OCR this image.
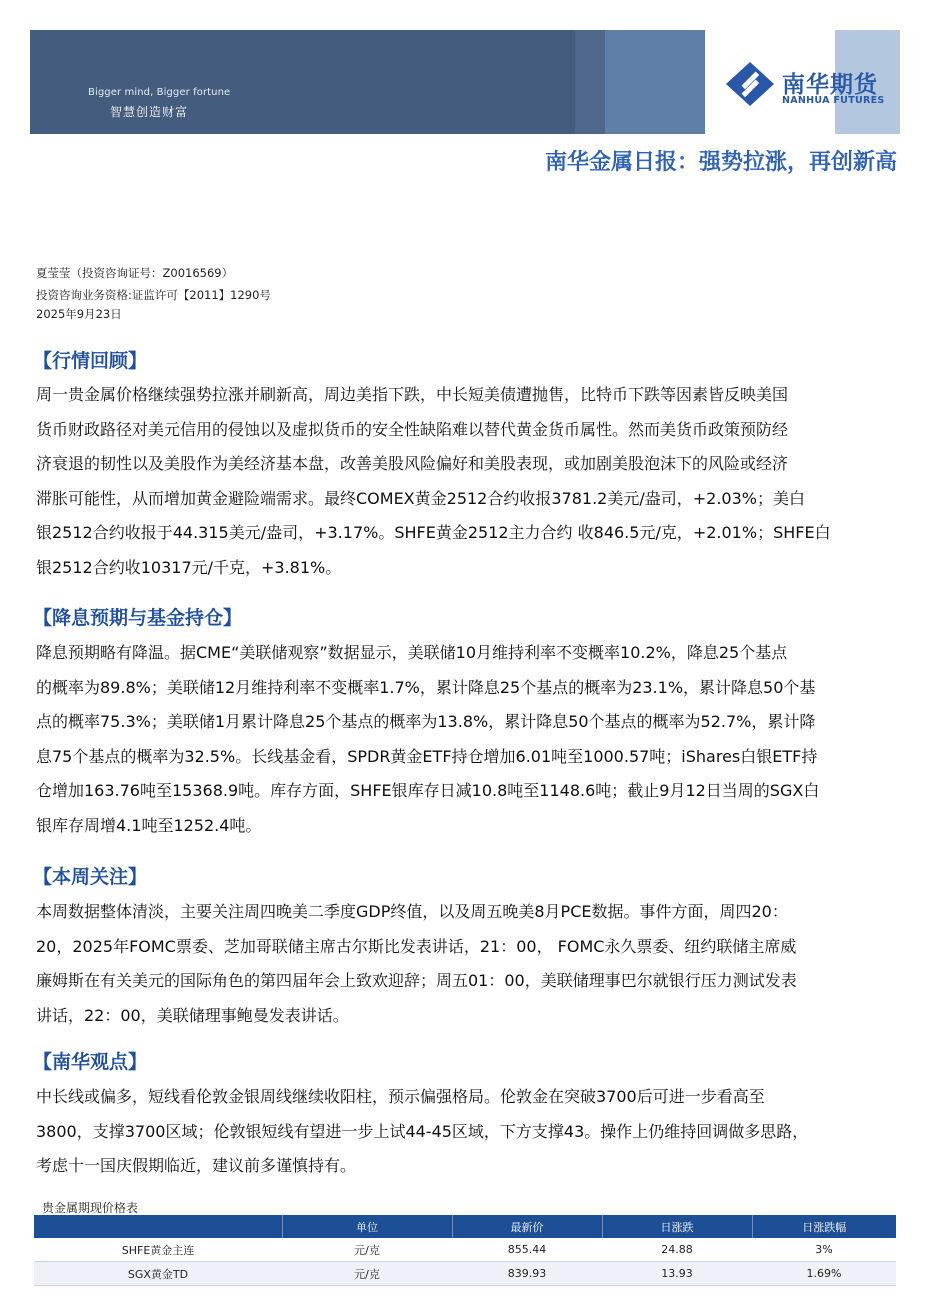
Bigger mind, Bigger fortune
智慧创造财富
南华期货
NANHUA FUTURES
南华金属日报：强势拉涨，再创新高
夏莹莹（投资咨询证号：Z0016569）
投资咨询业务资格:证监许可【2011】1290号
2025年9月23日
【行情回顾】
周一贵金属价格继续强势拉涨并刷新高，周边美指下跌，中长短美债遭抛售，比特币下跌等因素皆反映美国
货币财政路径对美元信用的侵蚀以及虚拟货币的安全性缺陷难以替代黄金货币属性。然而美货币政策预防经
济衰退的韧性以及美股作为美经济基本盘，改善美股风险偏好和美股表现，或加剧美股泡沫下的风险或经济
滞胀可能性，从而增加黄金避险端需求。最终COMEX黄金2512合约收报3781.2美元/盎司，+2.03%；美白
银2512合约收报于44.315美元/盎司，+3.17%。SHFE黄金2512主力合约 收846.5元/克，+2.01%；SHFE白
银2512合约收10317元/千克，+3.81%。
【降息预期与基金持仓】
降息预期略有降温。据CME“美联储观察”数据显示，美联储10月维持利率不变概率10.2%，降息25个基点
的概率为89.8%；美联储12月维持利率不变概率1.7%，累计降息25个基点的概率为23.1%，累计降息50个基
点的概率75.3%；美联储1月累计降息25个基点的概率为13.8%，累计降息50个基点的概率为52.7%，累计降
息75个基点的概率为32.5%。长线基金看，SPDR黄金ETF持仓增加6.01吨至1000.57吨；iShares白银ETF持
仓增加163.76吨至15368.9吨。库存方面，SHFE银库存日减10.8吨至1148.6吨；截止9月12日当周的SGX白
银库存周增4.1吨至1252.4吨。
【本周关注】
本周数据整体清淡，主要关注周四晚美二季度GDP终值，以及周五晚美8月PCE数据。事件方面，周四20：
20，2025年FOMC票委、芝加哥联储主席古尔斯比发表讲话，21：00， FOMC永久票委、纽约联储主席威
廉姆斯在有关美元的国际角色的第四届年会上致欢迎辞；周五01：00，美联储理事巴尔就银行压力测试发表
讲话，22：00，美联储理事鲍曼发表讲话。
【南华观点】
中长线或偏多，短线看伦敦金银周线继续收阳柱，预示偏强格局。伦敦金在突破3700后可进一步看高至
3800，支撑3700区域；伦敦银短线有望进一步上试44-45区域，下方支撑43。操作上仍维持回调做多思路，
考虑十一国庆假期临近，建议前多谨慎持有。
贵金属期现价格表
	单位	最新价	日涨跌	日涨跌幅
SHFE黄金主连	元/克	855.44	24.88	3%
SGX黄金TD	元/克	839.93	13.93	1.69%
